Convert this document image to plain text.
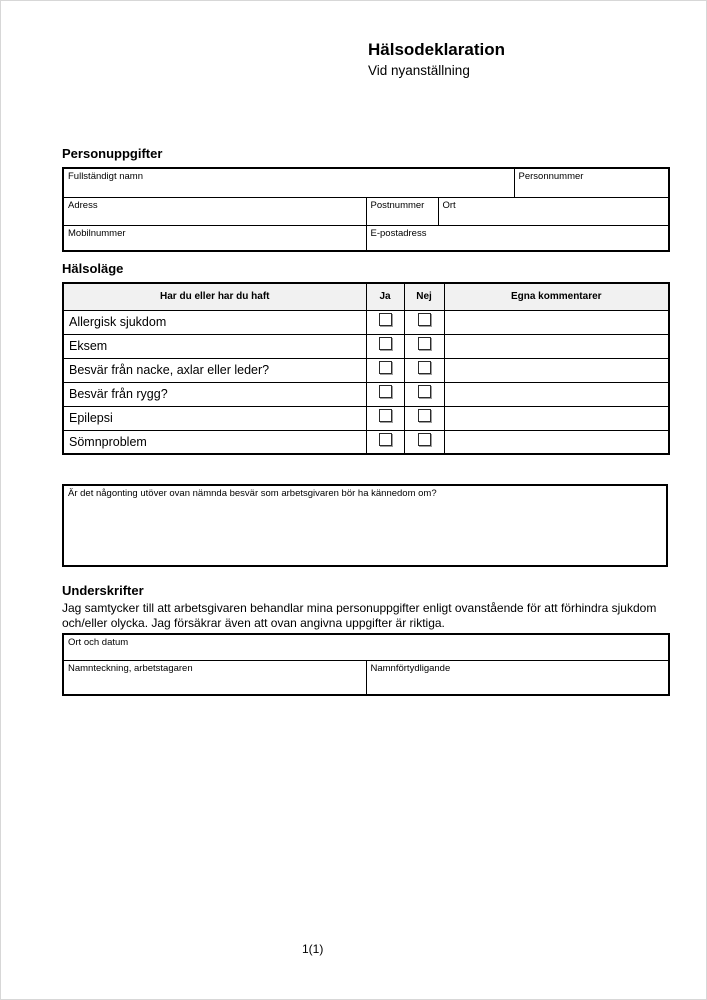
Hälsodeklaration
Vid nyanställning
Personuppgifter
Fullständigt namn			Personnummer

Adress	Postnummer	Ort	

Mobilnummer	E-postadress		
Hälsoläge
Har du eller har du haft	Ja	Nej	Egna kommentarer
Allergisk sjukdom			
Eksem			
Besvär från nacke, axlar eller leder?			
Besvär från rygg?			
Epilepsi			
Sömnproblem			
Är det någonting utöver ovan nämnda besvär som arbetsgivaren bör ha kännedom om?
Underskrifter
Jag samtycker till att arbetsgivaren behandlar mina personuppgifter enligt ovanstående för att förhindra sjukdom och/eller olycka. Jag försäkrar även att ovan angivna uppgifter är riktiga.
Ort och datum

Namnteckning, arbetstagaren	Namnförtydligande
1(1)
